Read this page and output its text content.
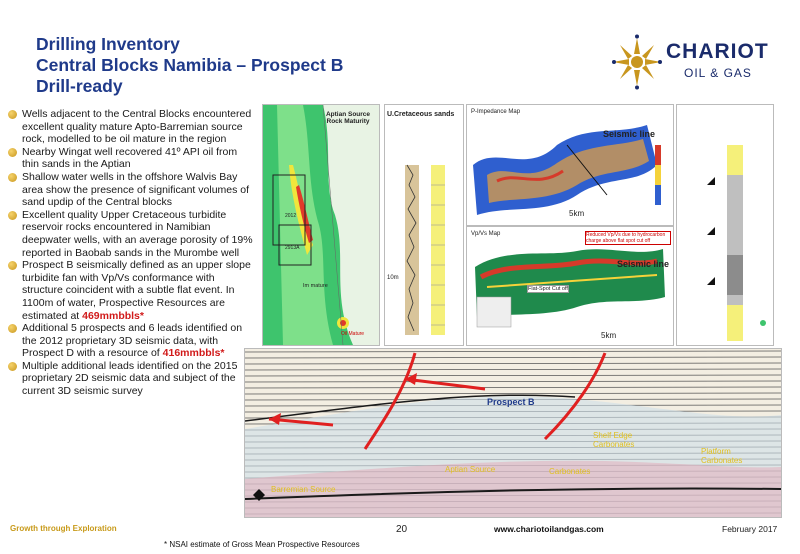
Drilling Inventory
Central Blocks Namibia – Prospect B
Drill-ready
CHARIOT
OIL & GAS
Wells adjacent to the Central Blocks encountered excellent quality mature Apto-Barremian source rock, modelled to be oil mature in the region
Nearby Wingat well recovered 41º API oil from thin sands in the Aptian
Shallow water wells in the offshore Walvis Bay area show the presence of significant volumes of sand updip of the Central blocks
Excellent quality Upper Cretaceous turbidite reservoir rocks encountered in Namibian deepwater wells, with an average porosity of 19% reported in Baobab sands in the Murombe well
Prospect B seismically defined as an upper slope turbidite fan with Vp/Vs conformance with structure coincident with a subtle flat event. In 1100m of water, Prospective Resources are estimated at 469mmbbls*
Additional 5 prospects and 6 leads identified on the 2012 proprietary 3D seismic data, with Prospect D with a resource of 416mmbbls*
Multiple additional leads identified on the 2015 proprietary 2D seismic data and subject of the current 3D seismic survey
Aptian Source Rock Maturity
2012
2913A
Im mature
Oil Mature
U.Cretaceous sands
10m
P-Impedance Map
Seismic line
5km
Vp/Vs Map	Reduced Vp/Vs due to hydrocarbon charge above flat spot cut off
Flat-Spot Cut off
Seismic line
5km
Prospect B
Shelf Edge Carbonates
Carbonates
Platform Carbonates
Aptian Source
Barremian Source
Growth through Exploration	20	www.chariotoilandgas.com	February 2017
* NSAI estimate of Gross Mean Prospective Resources
